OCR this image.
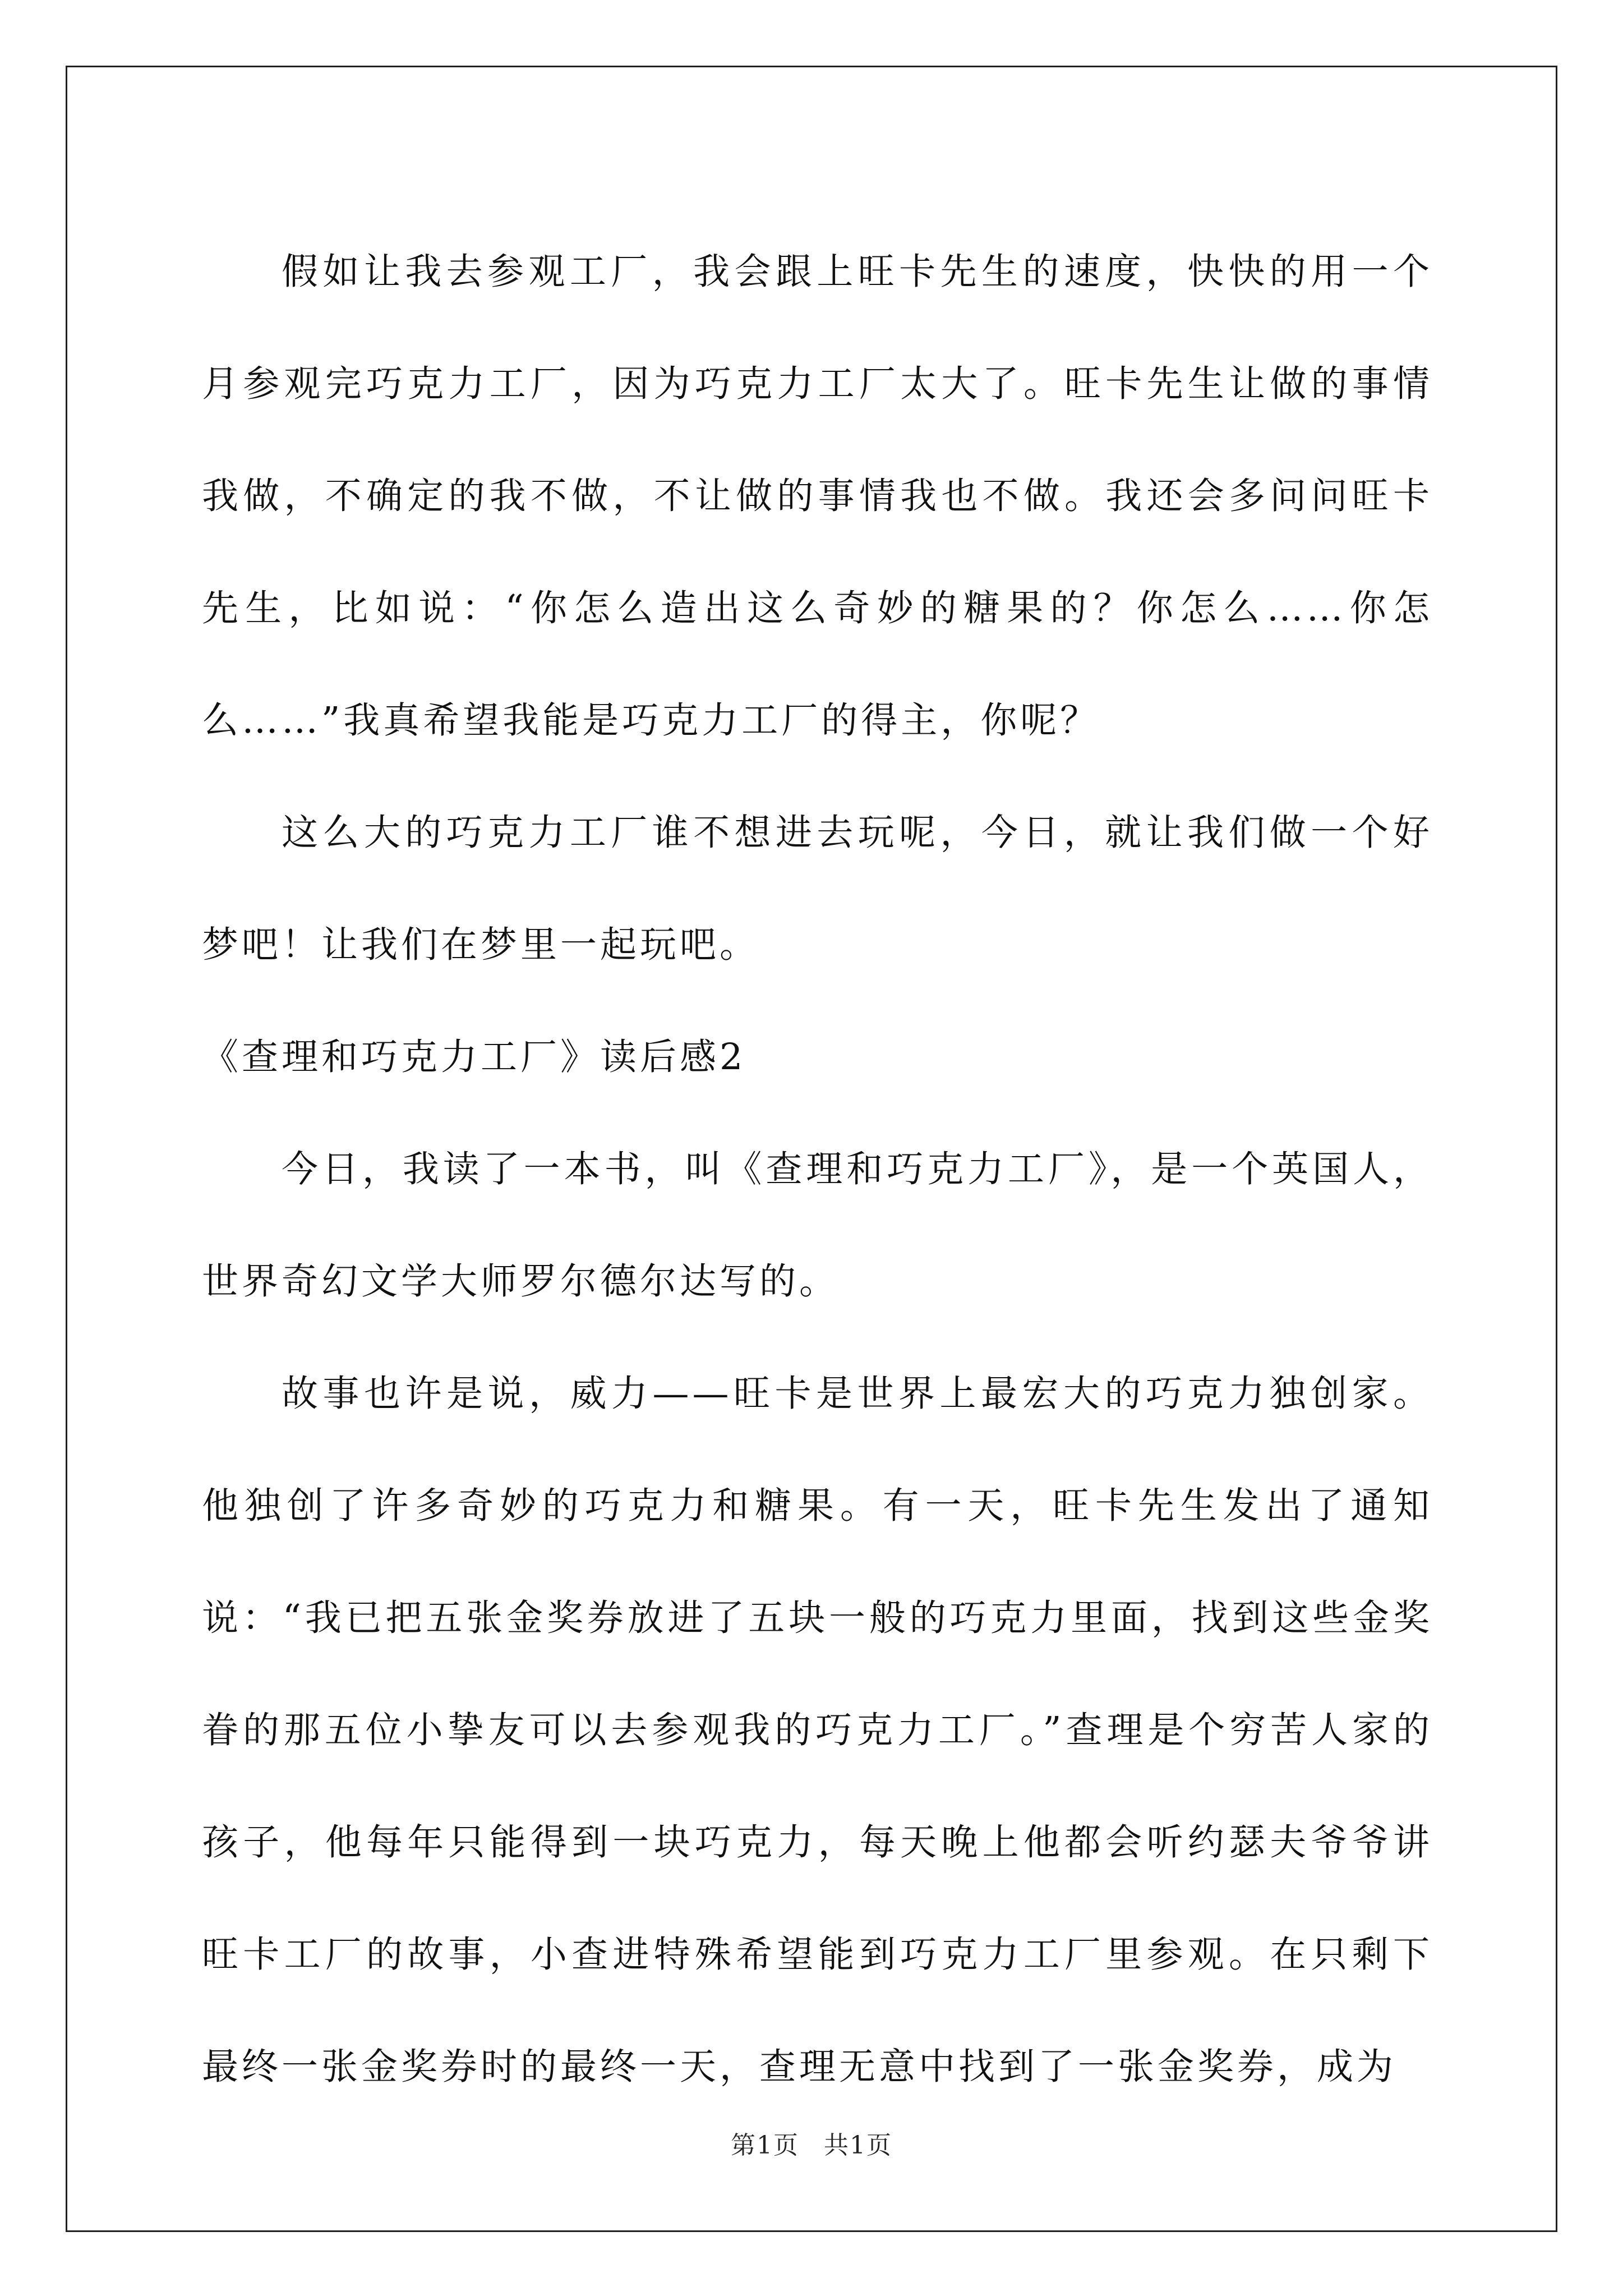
假如让我去参观工厂，我会跟上旺卡先生的速度，快快的用一个月参观完巧克力工厂，因为巧克力工厂太大了。旺卡先生让做的事情我做，不确定的我不做，不让做的事情我也不做。我还会多问问旺卡先生，比如说：“你怎么造出这么奇妙的糖果的？你怎么……你怎么……”我真希望我能是巧克力工厂的得主，你呢？

这么大的巧克力工厂谁不想进去玩呢，今日，就让我们做一个好梦吧！让我们在梦里一起玩吧。

《查理和巧克力工厂》读后感2

今日，我读了一本书，叫《查理和巧克力工厂》，是一个英国人，世界奇幻文学大师罗尔德尔达写的。

故事也许是说，威力——旺卡是世界上最宏大的巧克力独创家。他独创了许多奇妙的巧克力和糖果。有一天，旺卡先生发出了通知说：“我已把五张金奖券放进了五块一般的巧克力里面，找到这些金奖眷的那五位小挚友可以去参观我的巧克力工厂。”查理是个穷苦人家的孩子，他每年只能得到一块巧克力，每天晚上他都会听约瑟夫爷爷讲旺卡工厂的故事，小查进特殊希望能到巧克力工厂里参观。在只剩下最终一张金奖券时的最终一天，查理无意中找到了一张金奖券，成为

第1页 共1页
